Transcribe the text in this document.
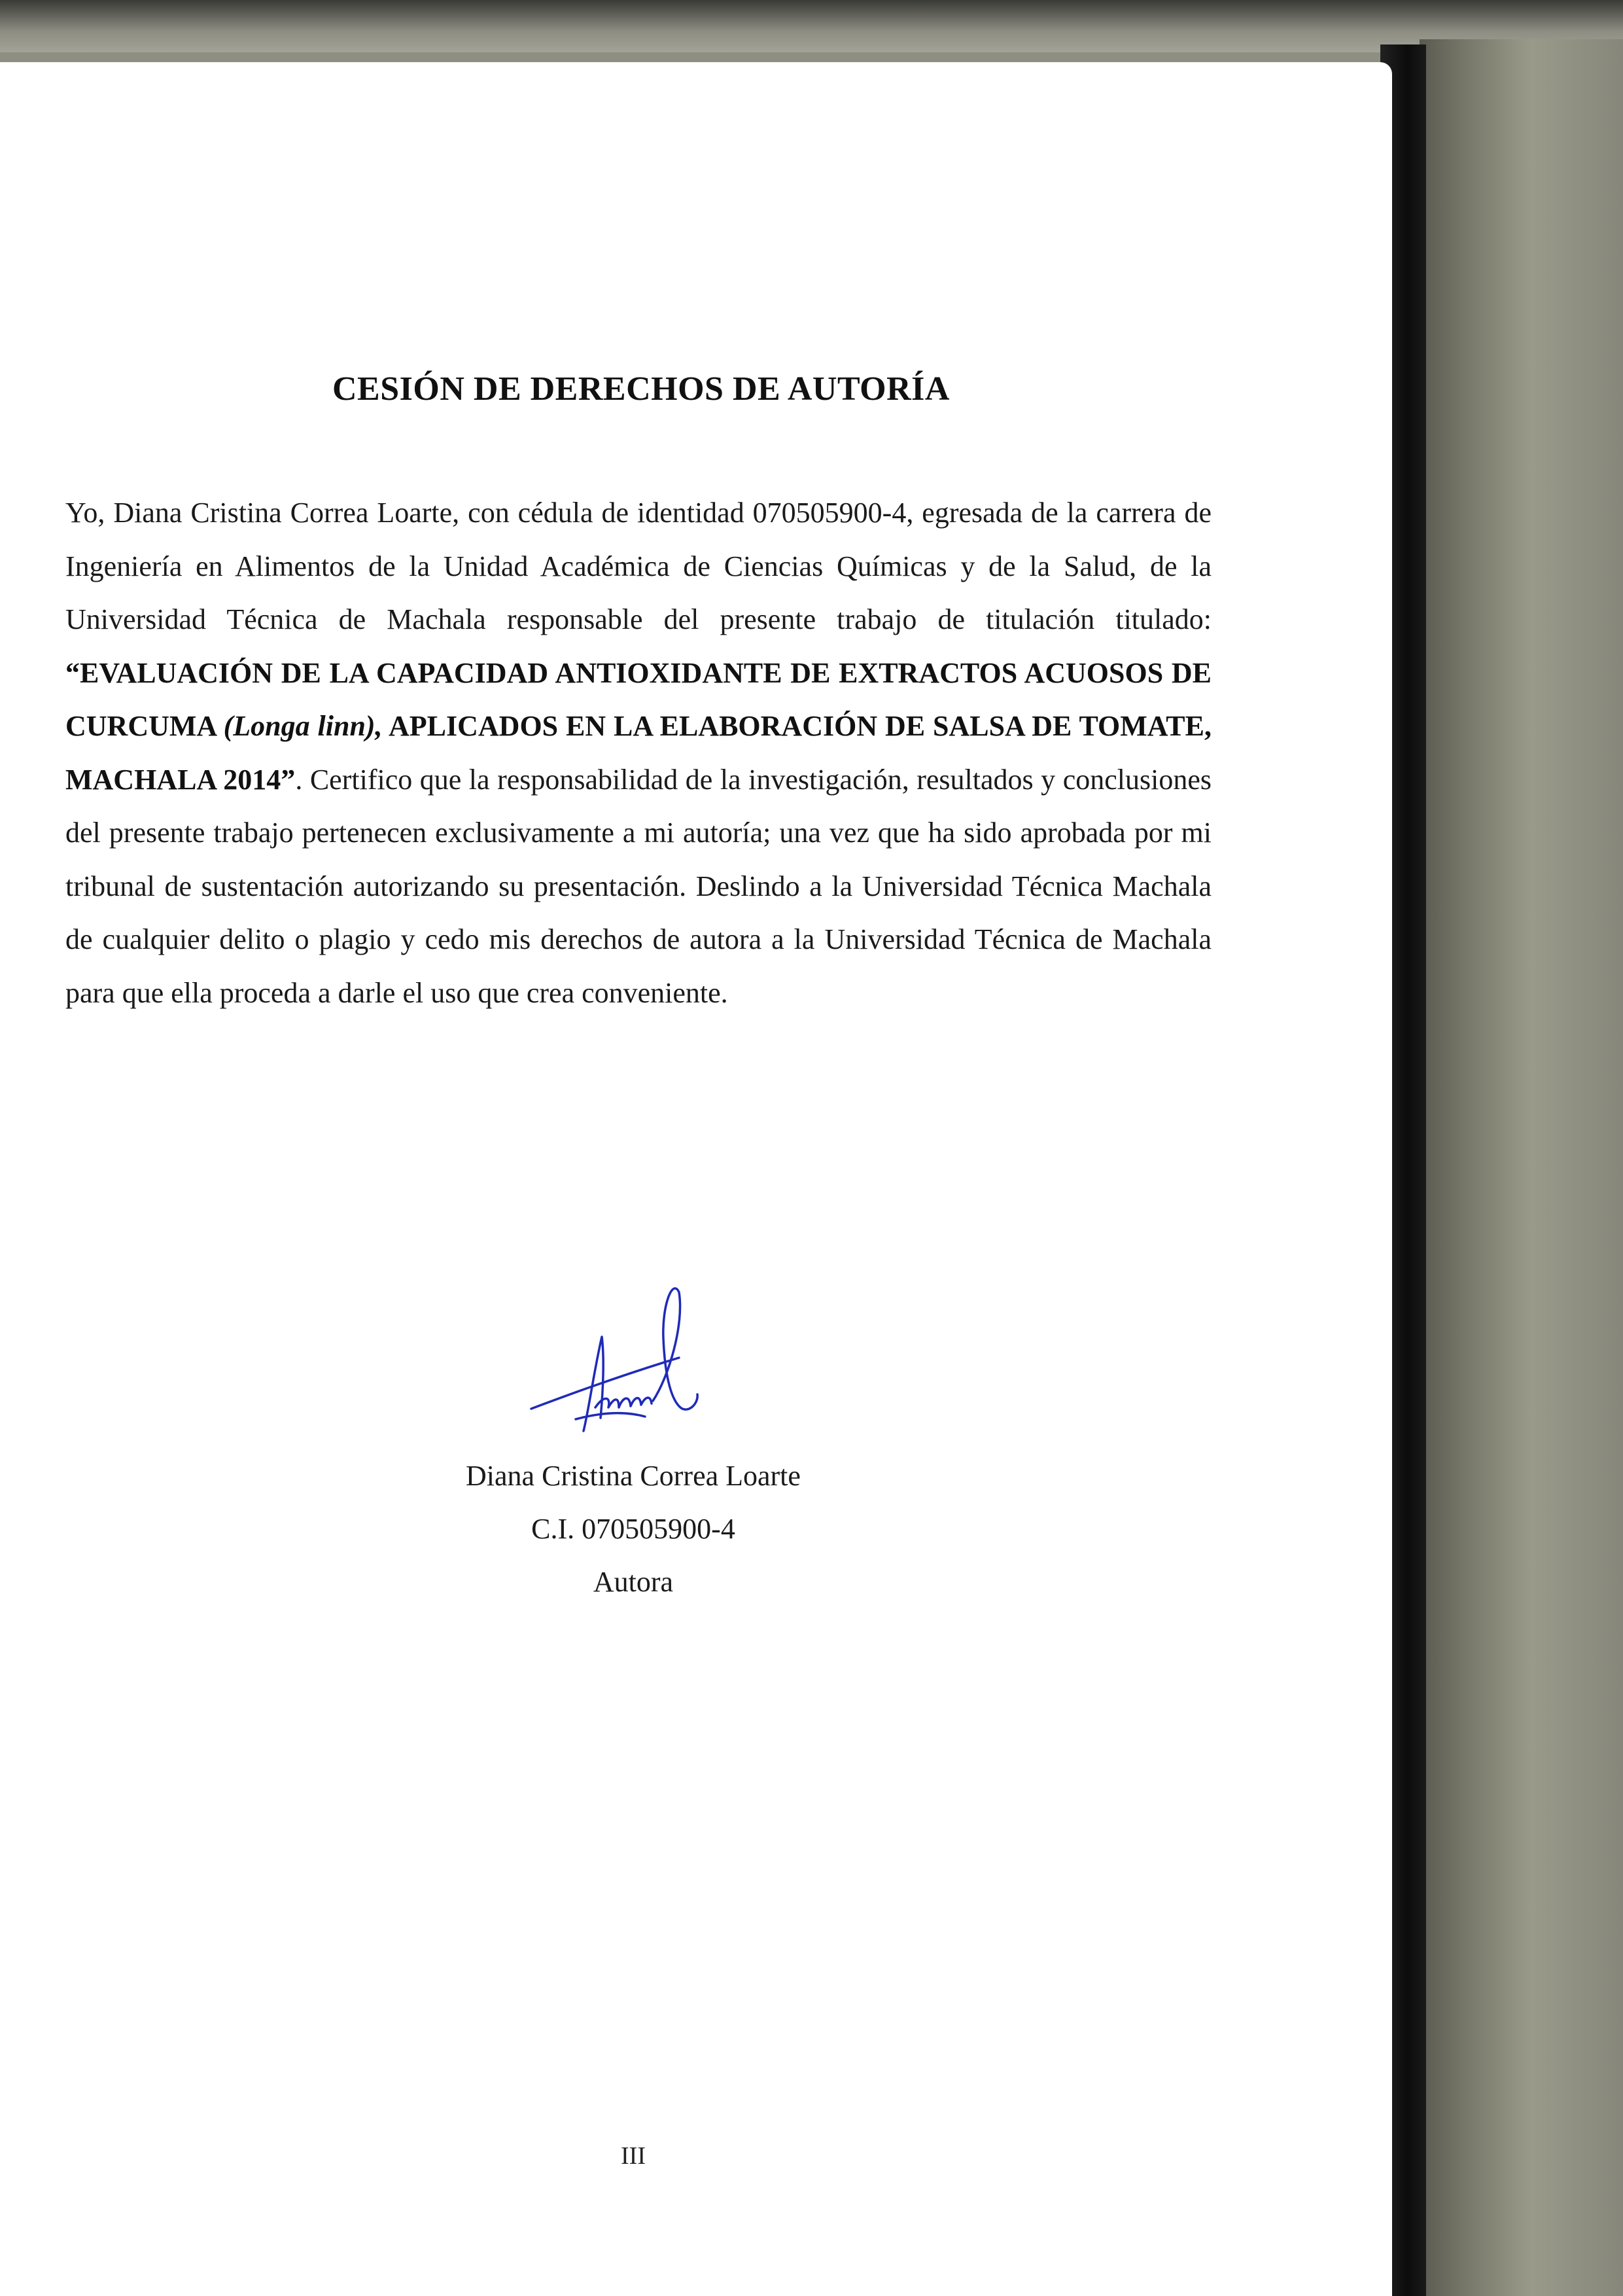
CESIÓN DE DERECHOS DE AUTORÍA

Yo, Diana Cristina Correa Loarte, con cédula de identidad 070505900-4, egresada de la carrera de Ingeniería en Alimentos de la Unidad Académica de Ciencias Químicas y de la Salud, de la Universidad Técnica de Machala responsable del presente trabajo de titulación titulado: “EVALUACIÓN DE LA CAPACIDAD ANTIOXIDANTE DE EXTRACTOS ACUOSOS DE CURCUMA (Longa linn), APLICADOS EN LA ELABORACIÓN DE SALSA DE TOMATE, MACHALA 2014”. Certifico que la responsabilidad de la investigación, resultados y conclusiones del presente trabajo pertenecen exclusivamente a mi autoría; una vez que ha sido aprobada por mi tribunal de sustentación autorizando su presentación. Deslindo a la Universidad Técnica Machala de cualquier delito o plagio y cedo mis derechos de autora a la Universidad Técnica de Machala para que ella proceda a darle el uso que crea conveniente.

Diana Cristina Correa Loarte
C.I. 070505900-4
Autora
III
